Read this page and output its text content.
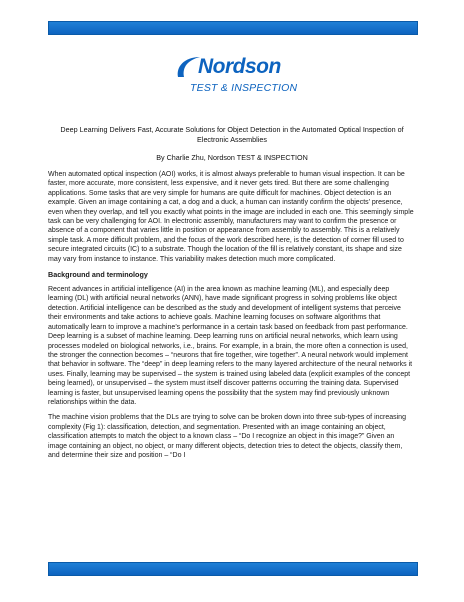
Nordson
TEST & INSPECTION
Deep Learning Delivers Fast, Accurate Solutions for Object Detection in the Automated Optical Inspection of Electronic Assemblies
By Charlie Zhu, Nordson TEST & INSPECTION

When automated optical inspection (AOI) works, it is almost always preferable to human visual inspection. It can be faster, more accurate, more consistent, less expensive, and it never gets tired. But there are some challenging applications. Some tasks that are very simple for humans are quite difficult for machines. Object detection is an example. Given an image containing a cat, a dog and a duck, a human can instantly confirm the objects’ presence, even when they overlap, and tell you exactly what points in the image are included in each one. This seemingly simple task can be very challenging for AOI. In electronic assembly, manufacturers may want to confirm the presence or absence of a component that varies little in position or appearance from assembly to assembly. This is a relatively simple task. A more difficult problem, and the focus of the work described here, is the detection of corner fill used to secure integrated circuits (IC) to a substrate. Though the location of the fill is relatively constant, its shape and size may vary from instance to instance. This variability makes detection much more complicated.

Background and terminology

Recent advances in artificial intelligence (AI) in the area known as machine learning (ML), and especially deep learning (DL) with artificial neural networks (ANN), have made significant progress in solving problems like object detection. Artificial intelligence can be described as the study and development of intelligent systems that perceive their environments and take actions to achieve goals. Machine learning focuses on software algorithms that automatically learn to improve a machine’s performance in a certain task based on feedback from past performance. Deep learning is a subset of machine learning. Deep learning runs on artificial neural networks, which learn using processes modeled on biological networks, i.e., brains. For example, in a brain, the more often a connection is used, the stronger the connection becomes – “neurons that fire together, wire together”. A neural network would implement that behavior in software. The “deep” in deep learning refers to the many layered architecture of the neural networks it uses. Finally, learning may be supervised – the system is trained using labeled data (explicit examples of the concept being learned), or unsupervised – the system must itself discover patterns occurring the training data. Supervised learning is faster, but unsupervised learning opens the possibility that the system may find previously unknown relationships within the data.

The machine vision problems that the DLs are trying to solve can be broken down into three sub-types of increasing complexity (Fig 1): classification, detection, and segmentation. Presented with an image containing an object, classification attempts to match the object to a known class – “Do I recognize an object in this image?” Given an image containing an object, no object, or many different objects, detection tries to detect the objects, classify them, and determine their size and position – “Do I
